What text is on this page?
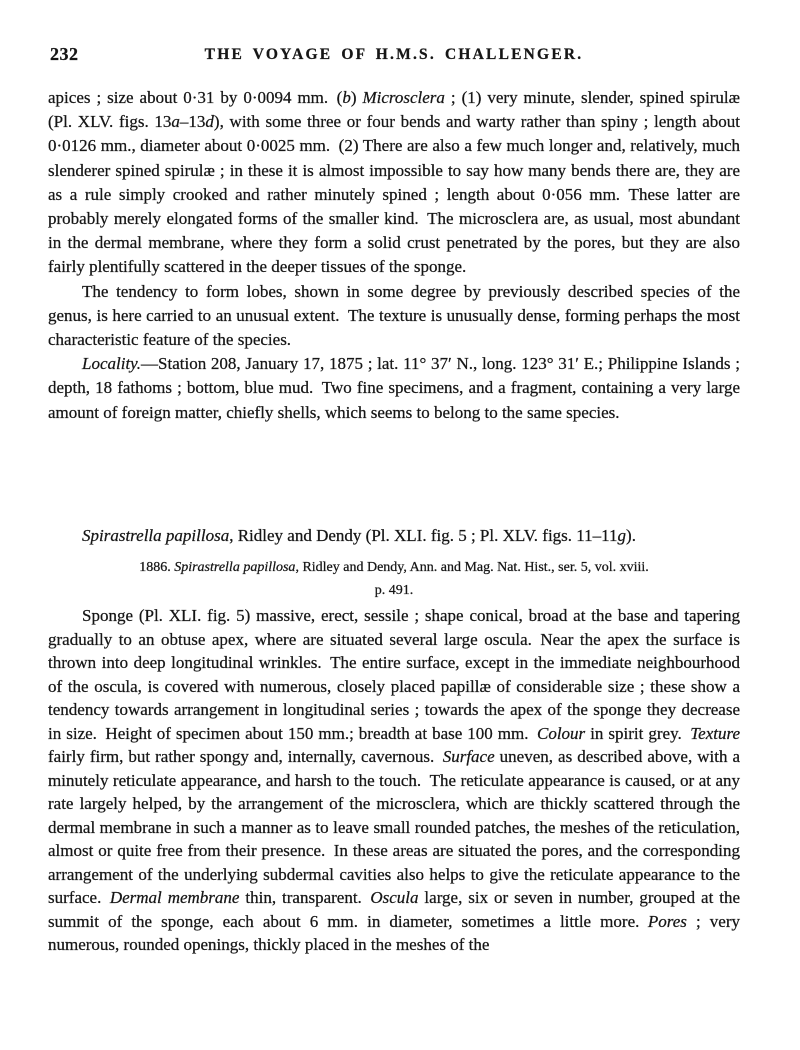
232	THE VOYAGE OF H.M.S. CHALLENGER.

apices ; size about 0·31 by 0·0094 mm. (b) Microsclera ; (1) very minute, slender, spined spirulæ (Pl. XLV. figs. 13a–13d), with some three or four bends and warty rather than spiny ; length about 0·0126 mm., diameter about 0·0025 mm. (2) There are also a few much longer and, relatively, much slenderer spined spirulæ ; in these it is almost impossible to say how many bends there are, they are as a rule simply crooked and rather minutely spined ; length about 0·056 mm. These latter are probably merely elongated forms of the smaller kind. The microsclera are, as usual, most abundant in the dermal membrane, where they form a solid crust penetrated by the pores, but they are also fairly plentifully scattered in the deeper tissues of the sponge.

The tendency to form lobes, shown in some degree by previously described species of the genus, is here carried to an unusual extent. The texture is unusually dense, forming perhaps the most characteristic feature of the species.

Locality.—Station 208, January 17, 1875 ; lat. 11° 37′ N., long. 123° 31′ E.; Philippine Islands ; depth, 18 fathoms ; bottom, blue mud. Two fine specimens, and a fragment, containing a very large amount of foreign matter, chiefly shells, which seems to belong to the same species.

Spirastrella papillosa, Ridley and Dendy (Pl. XLI. fig. 5 ; Pl. XLV. figs. 11–11g).

1886. Spirastrella papillosa, Ridley and Dendy, Ann. and Mag. Nat. Hist., ser. 5, vol. xviii.

p. 491.

Sponge (Pl. XLI. fig. 5) massive, erect, sessile ; shape conical, broad at the base and tapering gradually to an obtuse apex, where are situated several large oscula. Near the apex the surface is thrown into deep longitudinal wrinkles. The entire surface, except in the immediate neighbourhood of the oscula, is covered with numerous, closely placed papillæ of considerable size ; these show a tendency towards arrangement in longitudinal series ; towards the apex of the sponge they decrease in size. Height of specimen about 150 mm.; breadth at base 100 mm. Colour in spirit grey. Texture fairly firm, but rather spongy and, internally, cavernous. Surface uneven, as described above, with a minutely reticulate appearance, and harsh to the touch. The reticulate appearance is caused, or at any rate largely helped, by the arrangement of the microsclera, which are thickly scattered through the dermal membrane in such a manner as to leave small rounded patches, the meshes of the reticulation, almost or quite free from their presence. In these areas are situated the pores, and the corresponding arrangement of the underlying subdermal cavities also helps to give the reticulate appearance to the surface. Dermal membrane thin, transparent. Oscula large, six or seven in number, grouped at the summit of the sponge, each about 6 mm. in diameter, sometimes a little more. Pores ; very numerous, rounded openings, thickly placed in the meshes of the
